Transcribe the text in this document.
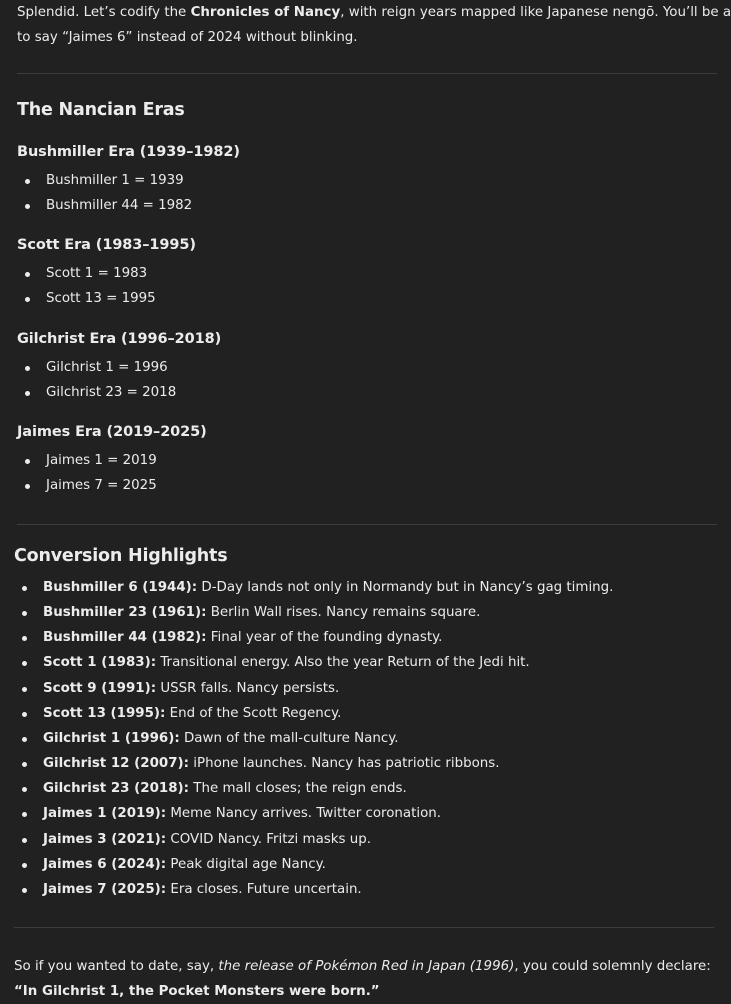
Splendid. Let’s codify the Chronicles of Nancy, with reign years mapped like Japanese nengō. You’ll be a
to say “Jaimes 6” instead of 2024 without blinking.
The Nancian Eras
Bushmiller Era (1939–1982)
Bushmiller 1 = 1939
Bushmiller 44 = 1982
Scott Era (1983–1995)
Scott 1 = 1983
Scott 13 = 1995
Gilchrist Era (1996–2018)
Gilchrist 1 = 1996
Gilchrist 23 = 2018
Jaimes Era (2019–2025)
Jaimes 1 = 2019
Jaimes 7 = 2025
Conversion Highlights
Bushmiller 6 (1944): D-Day lands not only in Normandy but in Nancy’s gag timing.
Bushmiller 23 (1961): Berlin Wall rises. Nancy remains square.
Bushmiller 44 (1982): Final year of the founding dynasty.
Scott 1 (1983): Transitional energy. Also the year Return of the Jedi hit.
Scott 9 (1991): USSR falls. Nancy persists.
Scott 13 (1995): End of the Scott Regency.
Gilchrist 1 (1996): Dawn of the mall-culture Nancy.
Gilchrist 12 (2007): iPhone launches. Nancy has patriotic ribbons.
Gilchrist 23 (2018): The mall closes; the reign ends.
Jaimes 1 (2019): Meme Nancy arrives. Twitter coronation.
Jaimes 3 (2021): COVID Nancy. Fritzi masks up.
Jaimes 6 (2024): Peak digital age Nancy.
Jaimes 7 (2025): Era closes. Future uncertain.
So if you wanted to date, say, the release of Pokémon Red in Japan (1996), you could solemnly declare:
“In Gilchrist 1, the Pocket Monsters were born.”
